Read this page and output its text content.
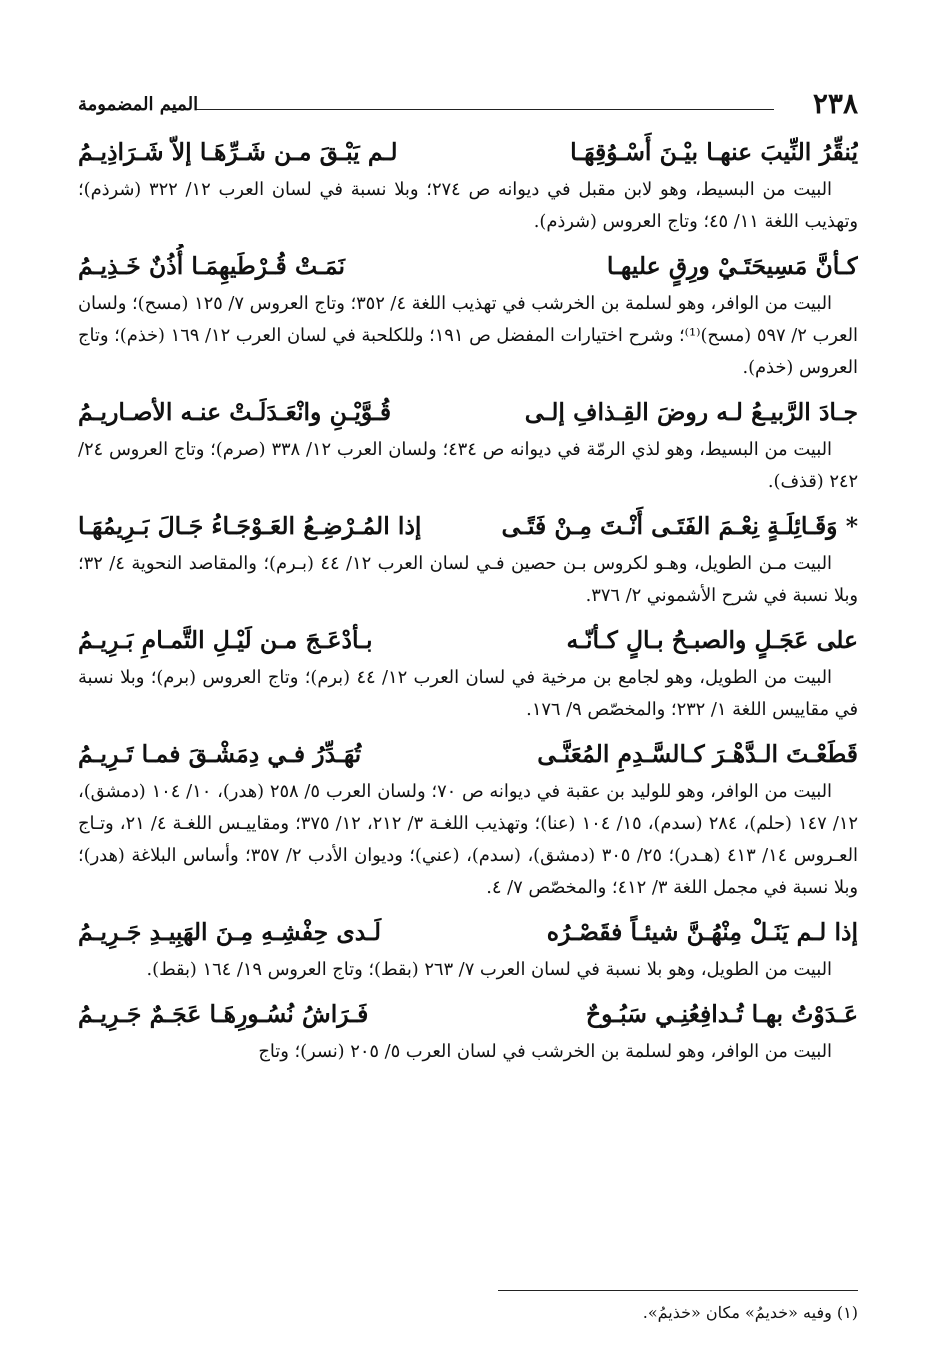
٢٣٨
الميم المضمومة
يُنقِّرُ النِّيبَ عنهـا بيْـنَ أَسْـوُقِهَـا
لـم يَبْـقَ مـن شَـرِّهَـا إلاّ شَـرَاذِيـمُ

البيت من البسيط، وهو لابن مقبل في ديوانه ص ٢٧٤؛ وبلا نسبة في لسان العرب ١٢/ ٣٢٢ (شرذم)؛ وتهذيب اللغة ١١/ ٤٥؛ وتاج العروس (شرذم).

كـأنَّ مَسِيحَتَـيْ ورِقٍ عليهـا
نَمَـتْ قُـرْطَيهِمَـا أُذُنٌ خَـذِيـمُ

البيت من الوافر، وهو لسلمة بن الخرشب في تهذيب اللغة ٤/ ٣٥٢؛ وتاج العروس ٧/ ١٢٥ (مسح)؛ ولسان العرب ٢/ ٥٩٧ (مسح)⁽¹⁾؛ وشرح اختيارات المفضل ص ١٩١؛ وللكلحبة في لسان العرب ١٢/ ١٦٩ (خذم)؛ وتاج العروس (خذم).

جـادَ الرَّبيـعُ لـه روضَ القِـذافِ إلـى
قُـوَّيْـنِ وانْعَـدَلَـتْ عنـه الأصـاريـمُ

البيت من البسيط، وهو لذي الرمّة في ديوانه ص ٤٣٤؛ ولسان العرب ١٢/ ٣٣٨ (صرم)؛ وتاج العروس ٢٤/ ٢٤٢ (قذف).

* وَقَـائِلَـةٍ نِعْـمَ الفَتَـى أَنْـتَ مِـنْ فَتًـى
إذا المُـرْضِـعُ العَـوْجَـاءُ جَـالَ بَـرِيمُهَـا

البيت مـن الطويل، وهـو لكروس بـن حصين فـي لسان العرب ١٢/ ٤٤ (بـرم)؛ والمقاصد النحوية ٤/ ٣٢؛ وبلا نسبة في شرح الأشموني ٢/ ٣٧٦.

على عَجَـلٍ والصبـحُ بـالٍ كـأنّـه
بـأدْعَـجَ مـن لَيْـلِ التَّمـامِ بَـرِيـمُ

البيت من الطويل، وهو لجامع بن مرخية في لسان العرب ١٢/ ٤٤ (برم)؛ وتاج العروس (برم)؛ وبلا نسبة في مقاييس اللغة ١/ ٢٣٢؛ والمخصّص ٩/ ١٧٦.

قَطَعْـتَ الـدَّهْـرَ كـالسَّـدِمِ المُعَنَّـى
تُهَـدِّرُ فـي دِمَشْـقَ فمـا تَـرِيـمُ

البيت من الوافر، وهو للوليد بن عقبة في ديوانه ص ٧٠؛ ولسان العرب ٥/ ٢٥٨ (هدر)، ١٠/ ١٠٤ (دمشق)، ١٢/ ١٤٧ (حلم)، ٢٨٤ (سدم)، ١٥/ ١٠٤ (عنا)؛ وتهذيب اللغـة ٣/ ٢١٢، ١٢/ ٣٧٥؛ ومقاييـس اللغـة ٤/ ٢١، وتـاج العـروس ١٤/ ٤١٣ (هـدر)؛ ٢٥/ ٣٠٥ (دمشق)، (سدم)، (عني)؛ وديوان الأدب ٢/ ٣٥٧؛ وأساس البلاغة (هدر)؛ وبلا نسبة في مجمل اللغة ٣/ ٤١٢؛ والمخصّص ٧/ ٤.

إذا لـم يَنَـلْ مِنْهُـنَّ شيئـاً فقَصْـرُه
لَـدى حِفْشِـهِ مِـنَ الهَبِيـدِ جَـرِيـمُ

البيت من الطويل، وهو بلا نسبة في لسان العرب ٧/ ٢٦٣ (بقط)؛ وتاج العروس ١٩/ ١٦٤ (بقط).

عَـدَوْتُ بهـا تُـدافِعُنِـي سَبُـوحٌ
فَـرَاشُ نُسُـورِهَـا عَجَـمٌ جَـرِيـمُ

البيت من الوافر، وهو لسلمة بن الخرشب في لسان العرب ٥/ ٢٠٥ (نسر)؛ وتاج

(١) وفيه «خديمُ» مكان «خذيمُ».
